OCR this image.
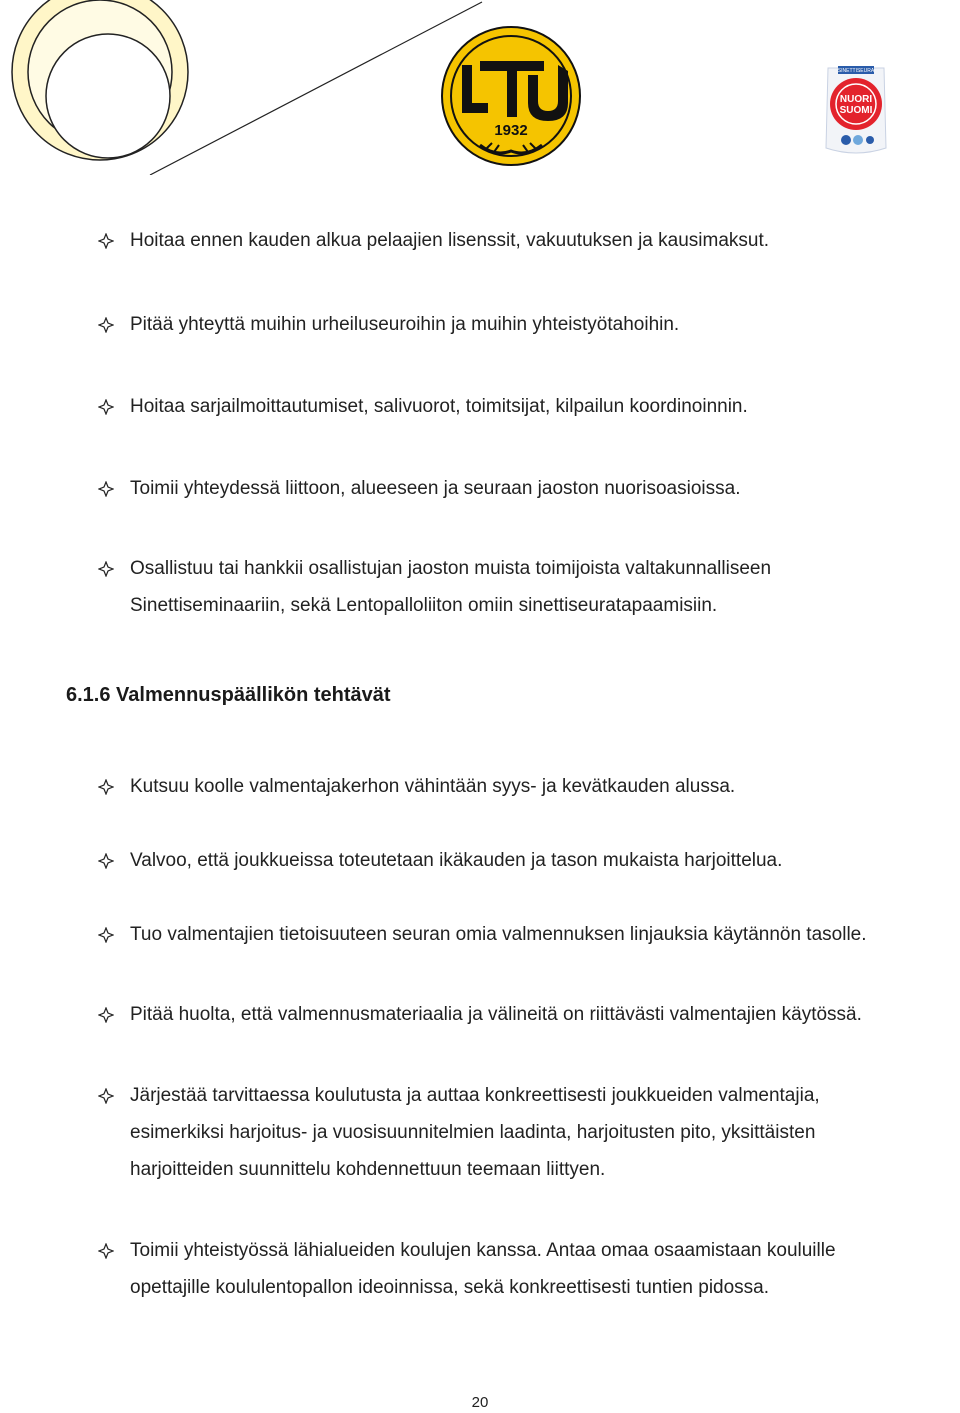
1932
SINETTISEURA
NUORI
SUOMI
Hoitaa ennen kauden alkua pelaajien lisenssit, vakuutuksen ja kausimaksut.
Pitää yhteyttä muihin urheiluseuroihin ja muihin yhteistyötahoihin.
Hoitaa sarjailmoittautumiset, salivuorot, toimitsijat, kilpailun koordinoinnin.
Toimii yhteydessä liittoon, alueeseen ja seuraan jaoston nuorisoasioissa.
Osallistuu tai hankkii osallistujan jaoston muista toimijoista valtakunnalliseen
Sinettiseminaariin, sekä Lentopalloliiton omiin sinettiseuratapaamisiin.
6.1.6 Valmennuspäällikön tehtävät
Kutsuu koolle valmentajakerhon vähintään syys- ja kevätkauden alussa.
Valvoo, että joukkueissa toteutetaan ikäkauden ja tason mukaista harjoittelua.
Tuo valmentajien tietoisuuteen seuran omia valmennuksen linjauksia käytännön tasolle.
Pitää huolta, että valmennusmateriaalia ja välineitä on riittävästi valmentajien käytössä.
Järjestää tarvittaessa koulutusta ja auttaa konkreettisesti joukkueiden valmentajia,
esimerkiksi harjoitus- ja vuosisuunnitelmien laadinta, harjoitusten pito, yksittäisten
harjoitteiden suunnittelu kohdennettuun teemaan liittyen.
Toimii yhteistyössä lähialueiden koulujen kanssa. Antaa omaa osaamistaan kouluille
opettajille koululentopallon ideoinnissa, sekä konkreettisesti tuntien pidossa.
20
